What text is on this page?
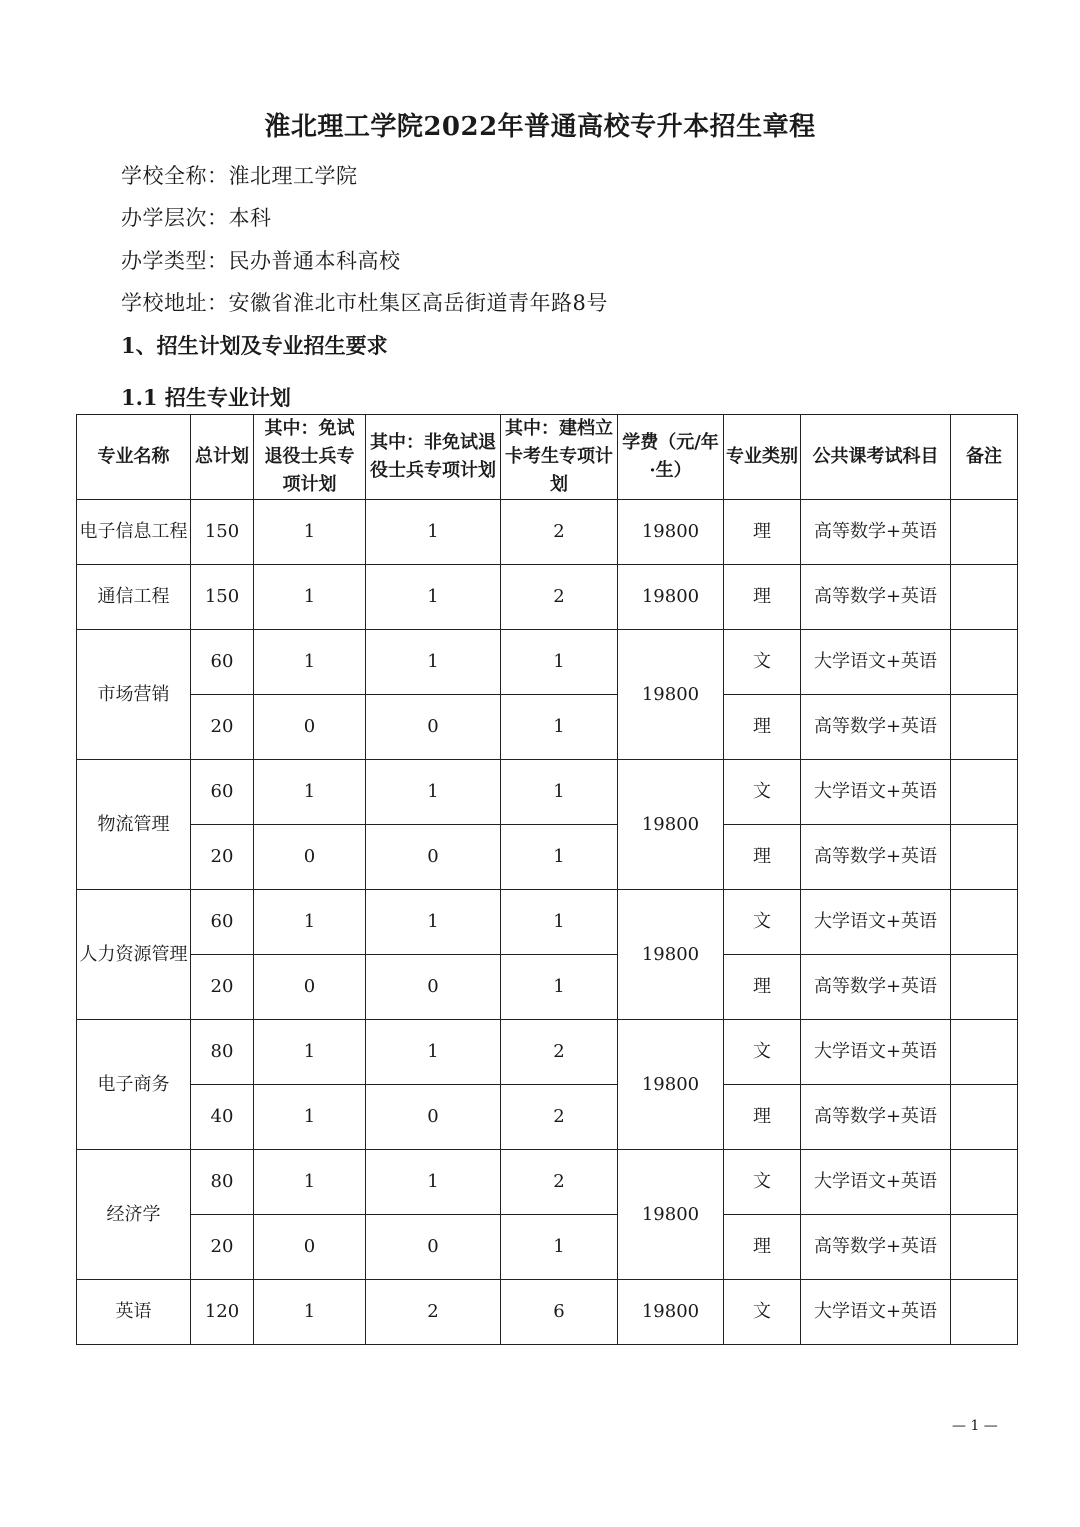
淮北理工学院2022年普通高校专升本招生章程
学校全称：淮北理工学院
办学层次：本科
办学类型：民办普通本科高校
学校地址：安徽省淮北市杜集区高岳街道青年路8号
1、招生计划及专业招生要求
1.1 招生专业计划
专业名称	总计划	其中：免试退役士兵专项计划	其中：非免试退役士兵专项计划	其中：建档立卡考生专项计划	学费（元/年·生）	专业类别	公共课考试科目	备注
电子信息工程	150	1	1	2	19800	理	高等数学+英语	
通信工程	150	1	1	2	19800	理	高等数学+英语	
市场营销	60	1	1	1	19800	文	大学语文+英语	
	20	0	0	1		理	高等数学+英语	
物流管理	60	1	1	1	19800	文	大学语文+英语	
	20	0	0	1		理	高等数学+英语	
人力资源管理	60	1	1	1	19800	文	大学语文+英语	
	20	0	0	1		理	高等数学+英语	
电子商务	80	1	1	2	19800	文	大学语文+英语	
	40	1	0	2		理	高等数学+英语	
经济学	80	1	1	2	19800	文	大学语文+英语	
	20	0	0	1		理	高等数学+英语	
英语	120	1	2	6	19800	文	大学语文+英语	
— 1 —
